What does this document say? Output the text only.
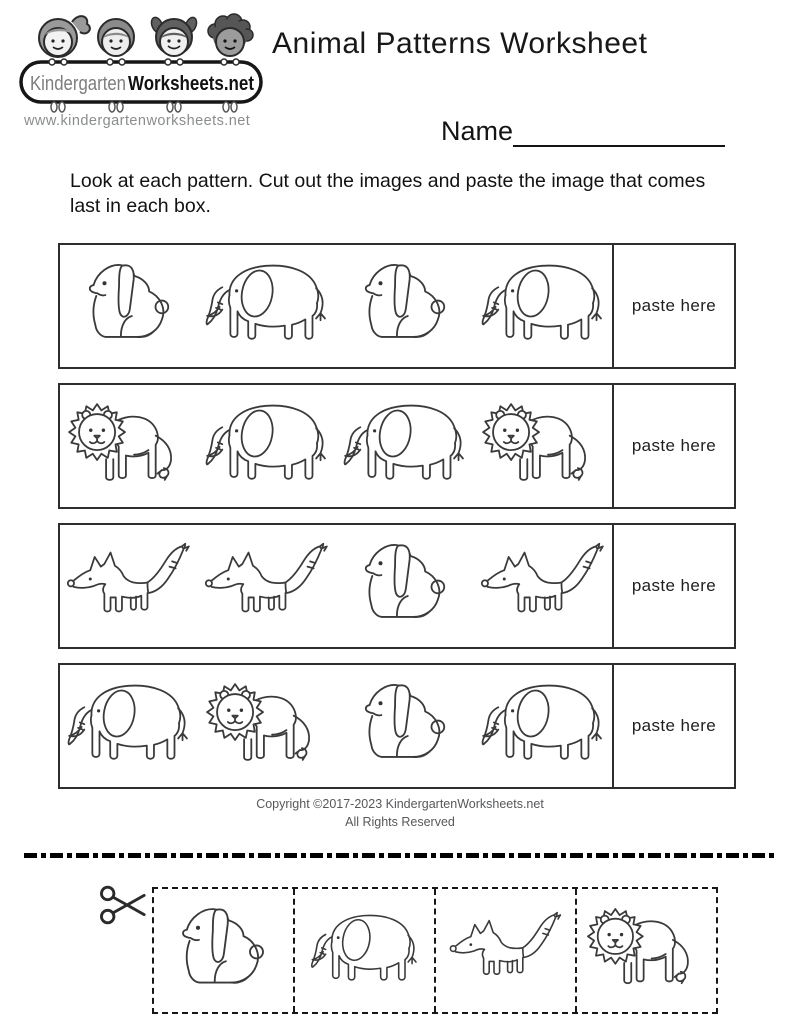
Kindergarten Worksheets.net
www.kindergartenworksheets.net
Animal Patterns Worksheet
Name

Look at each pattern. Cut out the images and paste the image that comes last in each box.

paste here
paste here
paste here
paste here
Copyright ©2017-2023 KindergartenWorksheets.net
All Rights Reserved
